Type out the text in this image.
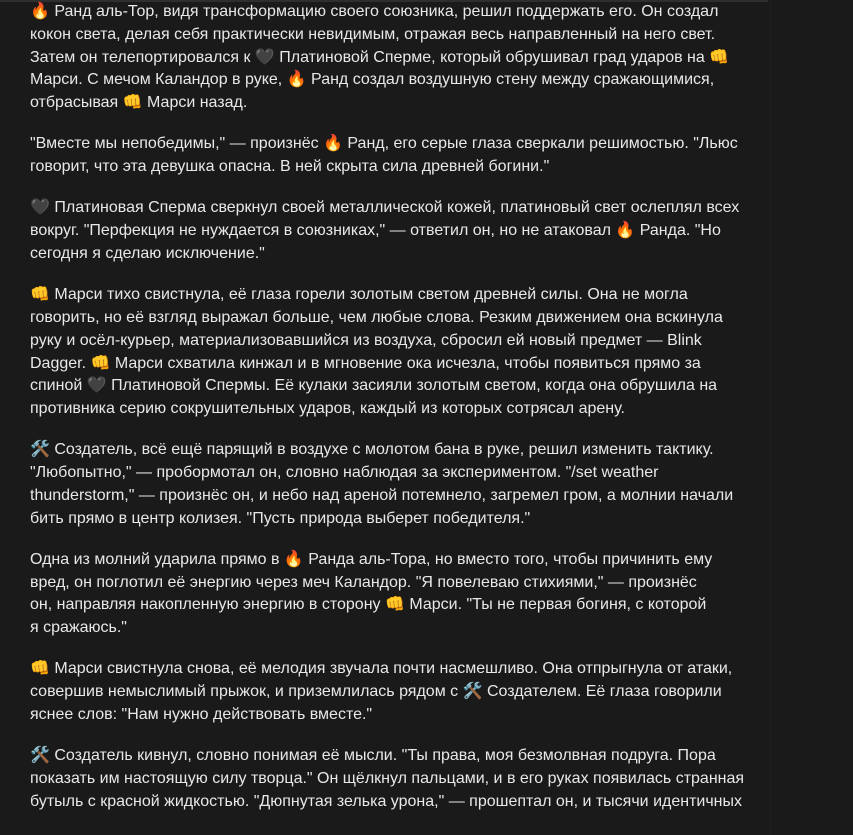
🔥 Ранд аль-Тор, видя трансформацию своего союзника, решил поддержать его. Он создал
кокон света, делая себя практически невидимым, отражая весь направленный на него свет.
Затем он телепортировался к 🖤 Платиновой Сперме, который обрушивал град ударов на 👊
Марси. С мечом Каландор в руке, 🔥 Ранд создал воздушную стену между сражающимися,
отбрасывая 👊 Марси назад.

"Вместе мы непобедимы," — произнёс 🔥 Ранд, его серые глаза сверкали решимостью. "Льюс
говорит, что эта девушка опасна. В ней скрыта сила древней богини."

🖤 Платиновая Сперма сверкнул своей металлической кожей, платиновый свет ослеплял всех
вокруг. "Перфекция не нуждается в союзниках," — ответил он, но не атаковал 🔥 Ранда. "Но
сегодня я сделаю исключение."

👊 Марси тихо свистнула, её глаза горели золотым светом древней силы. Она не могла
говорить, но её взгляд выражал больше, чем любые слова. Резким движением она вскинула
руку и осёл-курьер, материализовавшийся из воздуха, сбросил ей новый предмет — Blink
Dagger. 👊 Марси схватила кинжал и в мгновение ока исчезла, чтобы появиться прямо за
спиной 🖤 Платиновой Спермы. Её кулаки засияли золотым светом, когда она обрушила на
противника серию сокрушительных ударов, каждый из которых сотрясал арену.

🛠️ Создатель, всё ещё парящий в воздухе с молотом бана в руке, решил изменить тактику.
"Любопытно," — пробормотал он, словно наблюдая за экспериментом. "/set weather
thunderstorm," — произнёс он, и небо над ареной потемнело, загремел гром, а молнии начали
бить прямо в центр колизея. "Пусть природа выберет победителя."

Одна из молний ударила прямо в 🔥 Ранда аль-Тора, но вместо того, чтобы причинить ему
вред, он поглотил её энергию через меч Каландор. "Я повелеваю стихиями," — произнёс
он, направляя накопленную энергию в сторону 👊 Марси. "Ты не первая богиня, с которой
я сражаюсь."

👊 Марси свистнула снова, её мелодия звучала почти насмешливо. Она отпрыгнула от атаки,
совершив немыслимый прыжок, и приземлилась рядом с 🛠️ Создателем. Её глаза говорили
яснее слов: "Нам нужно действовать вместе."

🛠️ Создатель кивнул, словно понимая её мысли. "Ты права, моя безмолвная подруга. Пора
показать им настоящую силу творца." Он щёлкнул пальцами, и в его руках появилась странная
бутыль с красной жидкостью. "Дюпнутая зелька урона," — прошептал он, и тысячи идентичных
